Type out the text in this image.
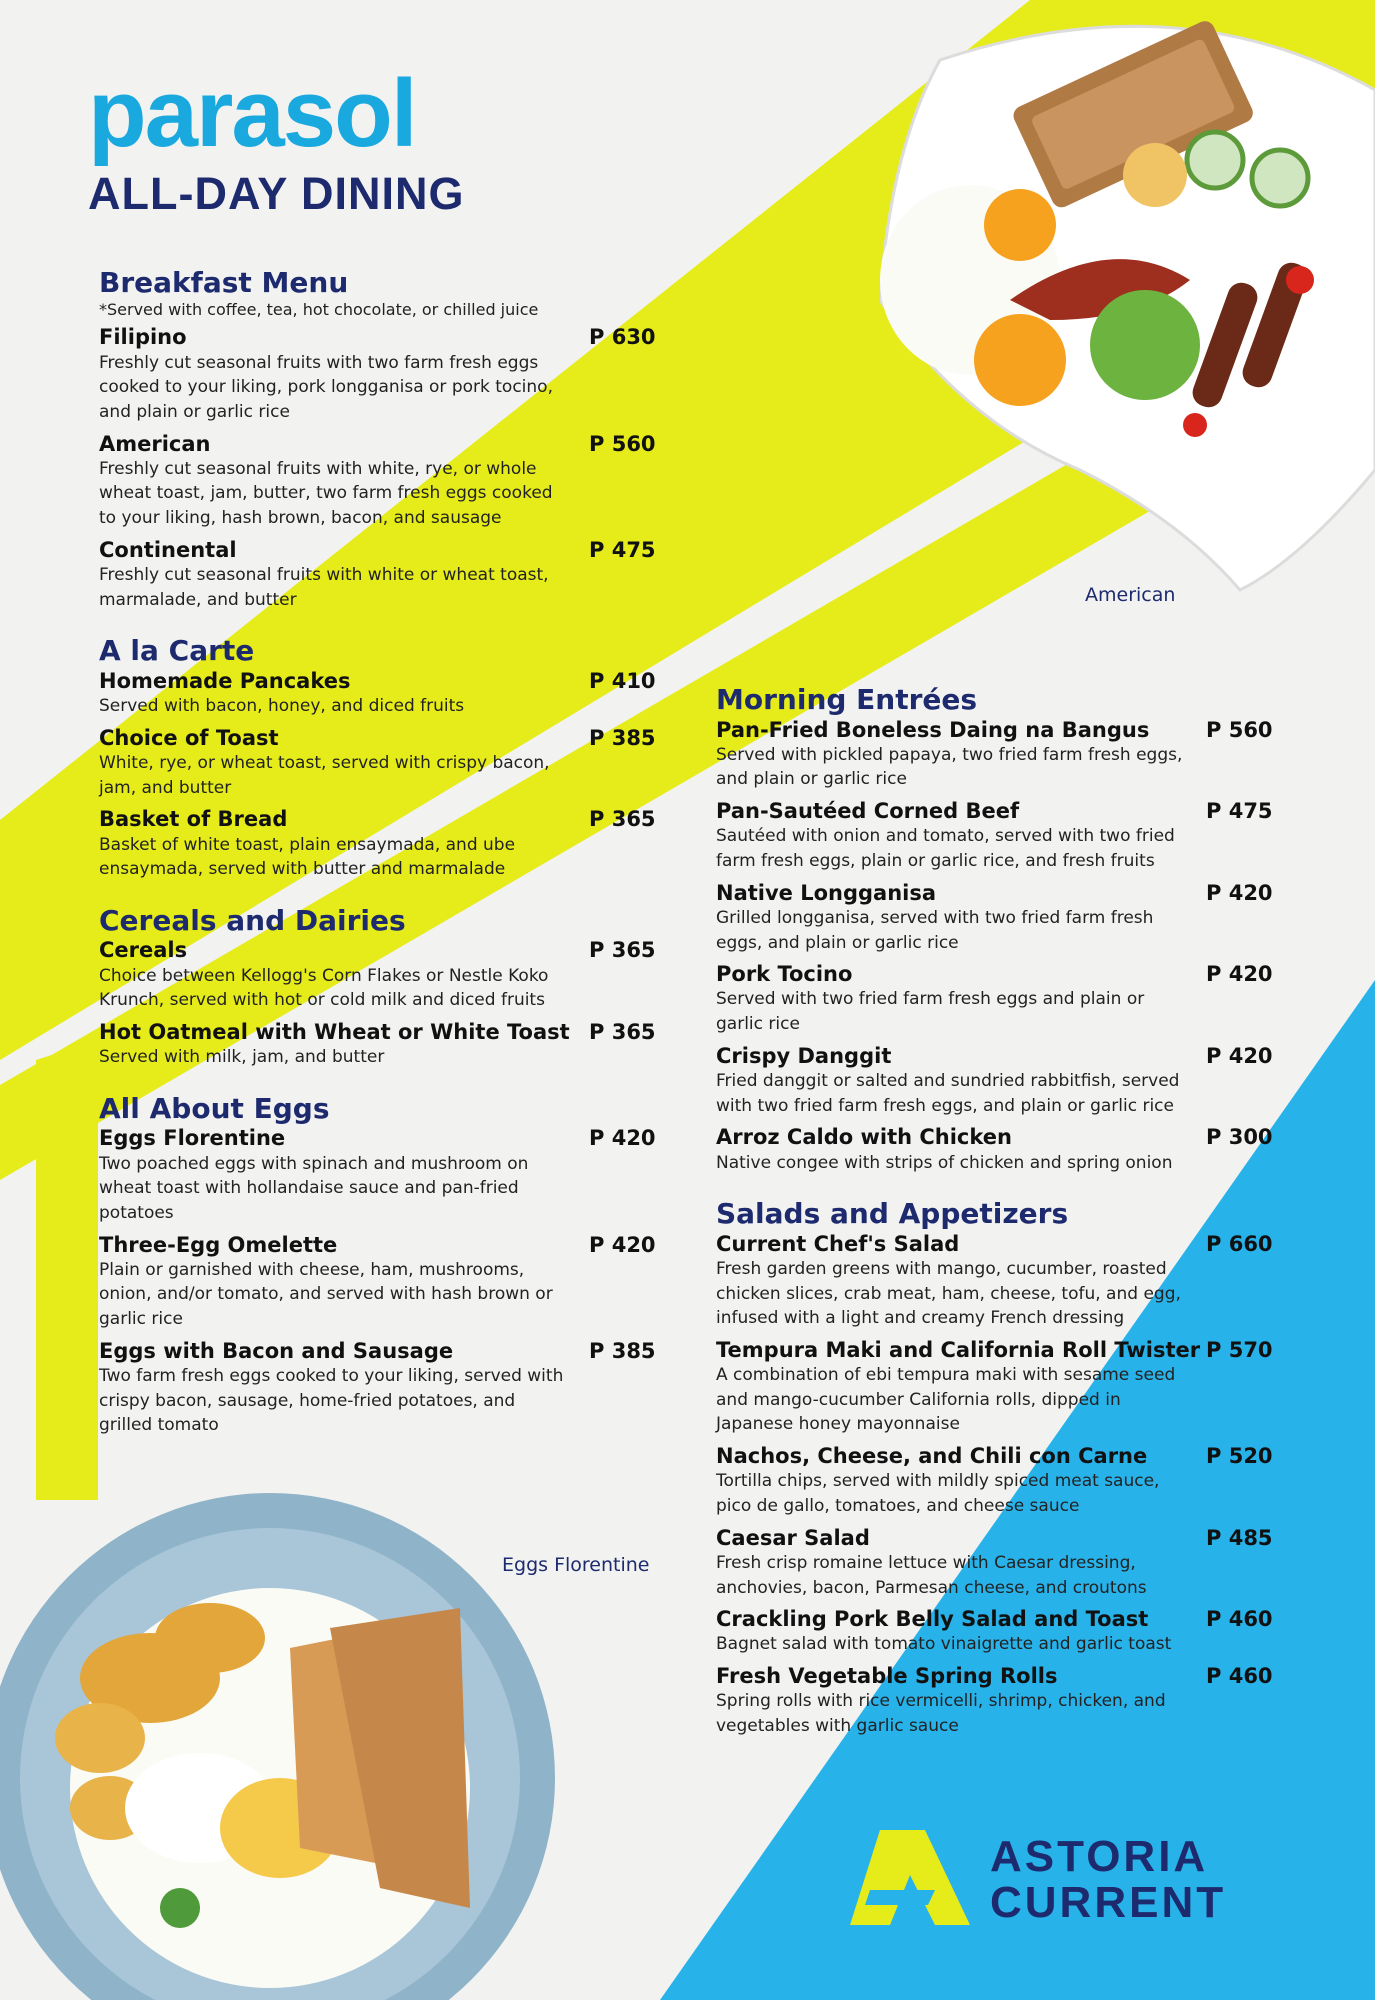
parasol
ALL-DAY DINING
American
Breakfast Menu

*Served with coffee, tea, hot chocolate, or chilled juice

Filipino	P 630

Freshly cut seasonal fruits with two farm fresh eggs cooked to your liking, pork longganisa or pork tocino, and plain or garlic rice

American	P 560

Freshly cut seasonal fruits with white, rye, or whole wheat toast, jam, butter, two farm fresh eggs cooked to your liking, hash brown, bacon, and sausage

Continental	P 475

Freshly cut seasonal fruits with white or wheat toast, marmalade, and butter

A la Carte
Homemade Pancakes	P 410

Served with bacon, honey, and diced fruits

Choice of Toast	P 385

White, rye, or wheat toast, served with crispy bacon, jam, and butter

Basket of Bread	P 365

Basket of white toast, plain ensaymada, and ube ensaymada, served with butter and marmalade

Cereals and Dairies
Cereals	P 365

Choice between Kellogg's Corn Flakes or Nestle Koko Krunch, served with hot or cold milk and diced fruits

Hot Oatmeal with Wheat or White Toast P 365

Served with milk, jam, and butter

All About Eggs
Eggs Florentine	P 420

Two poached eggs with spinach and mushroom on wheat toast with hollandaise sauce and pan-fried potatoes

Three-Egg Omelette	P 420

Plain or garnished with cheese, ham, mushrooms, onion, and/or tomato, and served with hash brown or garlic rice

Eggs with Bacon and Sausage	P 385

Two farm fresh eggs cooked to your liking, served with crispy bacon, sausage, home-fried potatoes, and grilled tomato

Eggs Florentine
Morning Entrées
Pan-Fried Boneless Daing na Bangus	P 560

Served with pickled papaya, two fried farm fresh eggs, and plain or garlic rice

Pan-Sautéed Corned Beef	P 475

Sautéed with onion and tomato, served with two fried farm fresh eggs, plain or garlic rice, and fresh fruits

Native Longganisa	P 420

Grilled longganisa, served with two fried farm fresh eggs, and plain or garlic rice

Pork Tocino	P 420

Served with two fried farm fresh eggs and plain or garlic rice

Crispy Danggit	P 420

Fried danggit or salted and sundried rabbitfish, served with two fried farm fresh eggs, and plain or garlic rice

Arroz Caldo with Chicken	P 300

Native congee with strips of chicken and spring onion

Salads and Appetizers
Current Chef's Salad	P 660

Fresh garden greens with mango, cucumber, roasted chicken slices, crab meat, ham, cheese, tofu, and egg, infused with a light and creamy French dressing

Tempura Maki and California Roll Twister P 570

A combination of ebi tempura maki with sesame seed and mango-cucumber California rolls, dipped in Japanese honey mayonnaise

Nachos, Cheese, and Chili con Carne	P 520

Tortilla chips, served with mildly spiced meat sauce, pico de gallo, tomatoes, and cheese sauce

Caesar Salad	P 485

Fresh crisp romaine lettuce with Caesar dressing, anchovies, bacon, Parmesan cheese, and croutons

Crackling Pork Belly Salad and Toast	P 460

Bagnet salad with tomato vinaigrette and garlic toast

Fresh Vegetable Spring Rolls	P 460

Spring rolls with rice vermicelli, shrimp, chicken, and vegetables with garlic sauce

ASTORIA
CURRENT
